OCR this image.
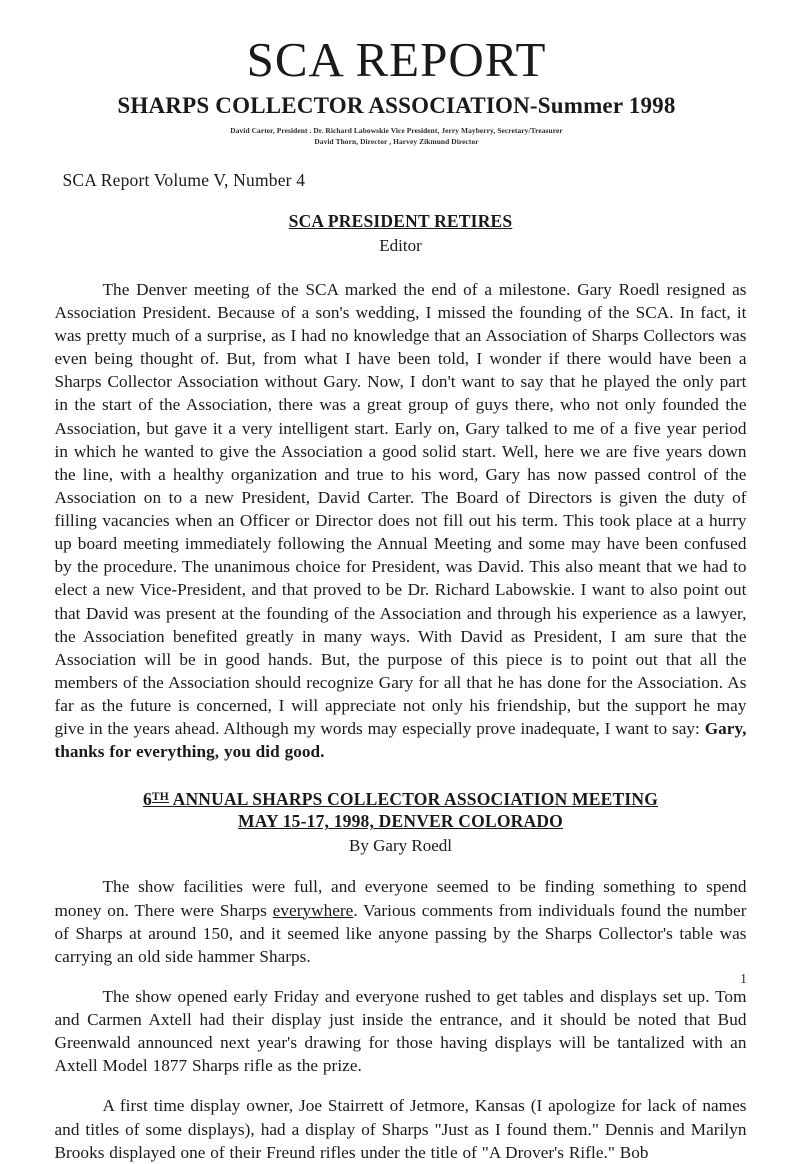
SCA REPORT
SHARPS COLLECTOR ASSOCIATION-Summer 1998
David Carter, President . Dr. Richard Labowskie Vice President, Jerry Mayberry, Secretary/Treasurer
David Thorn, Director , Harvey Zikmund Director
SCA Report Volume V, Number 4
SCA PRESIDENT RETIRES
Editor

The Denver meeting of the SCA marked the end of a milestone. Gary Roedl resigned as Association President. Because of a son's wedding, I missed the founding of the SCA. In fact, it was pretty much of a surprise, as I had no knowledge that an Association of Sharps Collectors was even being thought of. But, from what I have been told, I wonder if there would have been a Sharps Collector Association without Gary. Now, I don't want to say that he played the only part in the start of the Association, there was a great group of guys there, who not only founded the Association, but gave it a very intelligent start. Early on, Gary talked to me of a five year period in which he wanted to give the Association a good solid start. Well, here we are five years down the line, with a healthy organization and true to his word, Gary has now passed control of the Association on to a new President, David Carter. The Board of Directors is given the duty of filling vacancies when an Officer or Director does not fill out his term. This took place at a hurry up board meeting immediately following the Annual Meeting and some may have been confused by the procedure. The unanimous choice for President, was David. This also meant that we had to elect a new Vice-President, and that proved to be Dr. Richard Labowskie. I want to also point out that David was present at the founding of the Association and through his experience as a lawyer, the Association benefited greatly in many ways. With David as President, I am sure that the Association will be in good hands. But, the purpose of this piece is to point out that all the members of the Association should recognize Gary for all that he has done for the Association. As far as the future is concerned, I will appreciate not only his friendship, but the support he may give in the years ahead. Although my words may especially prove inadequate, I want to say: Gary, thanks for everything, you did good.

6TH ANNUAL SHARPS COLLECTOR ASSOCIATION MEETING
MAY 15-17, 1998, DENVER COLORADO
By Gary Roedl

The show facilities were full, and everyone seemed to be finding something to spend money on. There were Sharps everywhere. Various comments from individuals found the number of Sharps at around 150, and it seemed like anyone passing by the Sharps Collector's table was carrying an old side hammer Sharps.

The show opened early Friday and everyone rushed to get tables and displays set up. Tom and Carmen Axtell had their display just inside the entrance, and it should be noted that Bud Greenwald announced next year's drawing for those having displays will be tantalized with an Axtell Model 1877 Sharps rifle as the prize.

A first time display owner, Joe Stairrett of Jetmore, Kansas (I apologize for lack of names and titles of some displays), had a display of Sharps "Just as I found them." Dennis and Marilyn Brooks displayed one of their Freund rifles under the title of "A Drover's Rifle." Bob

1
